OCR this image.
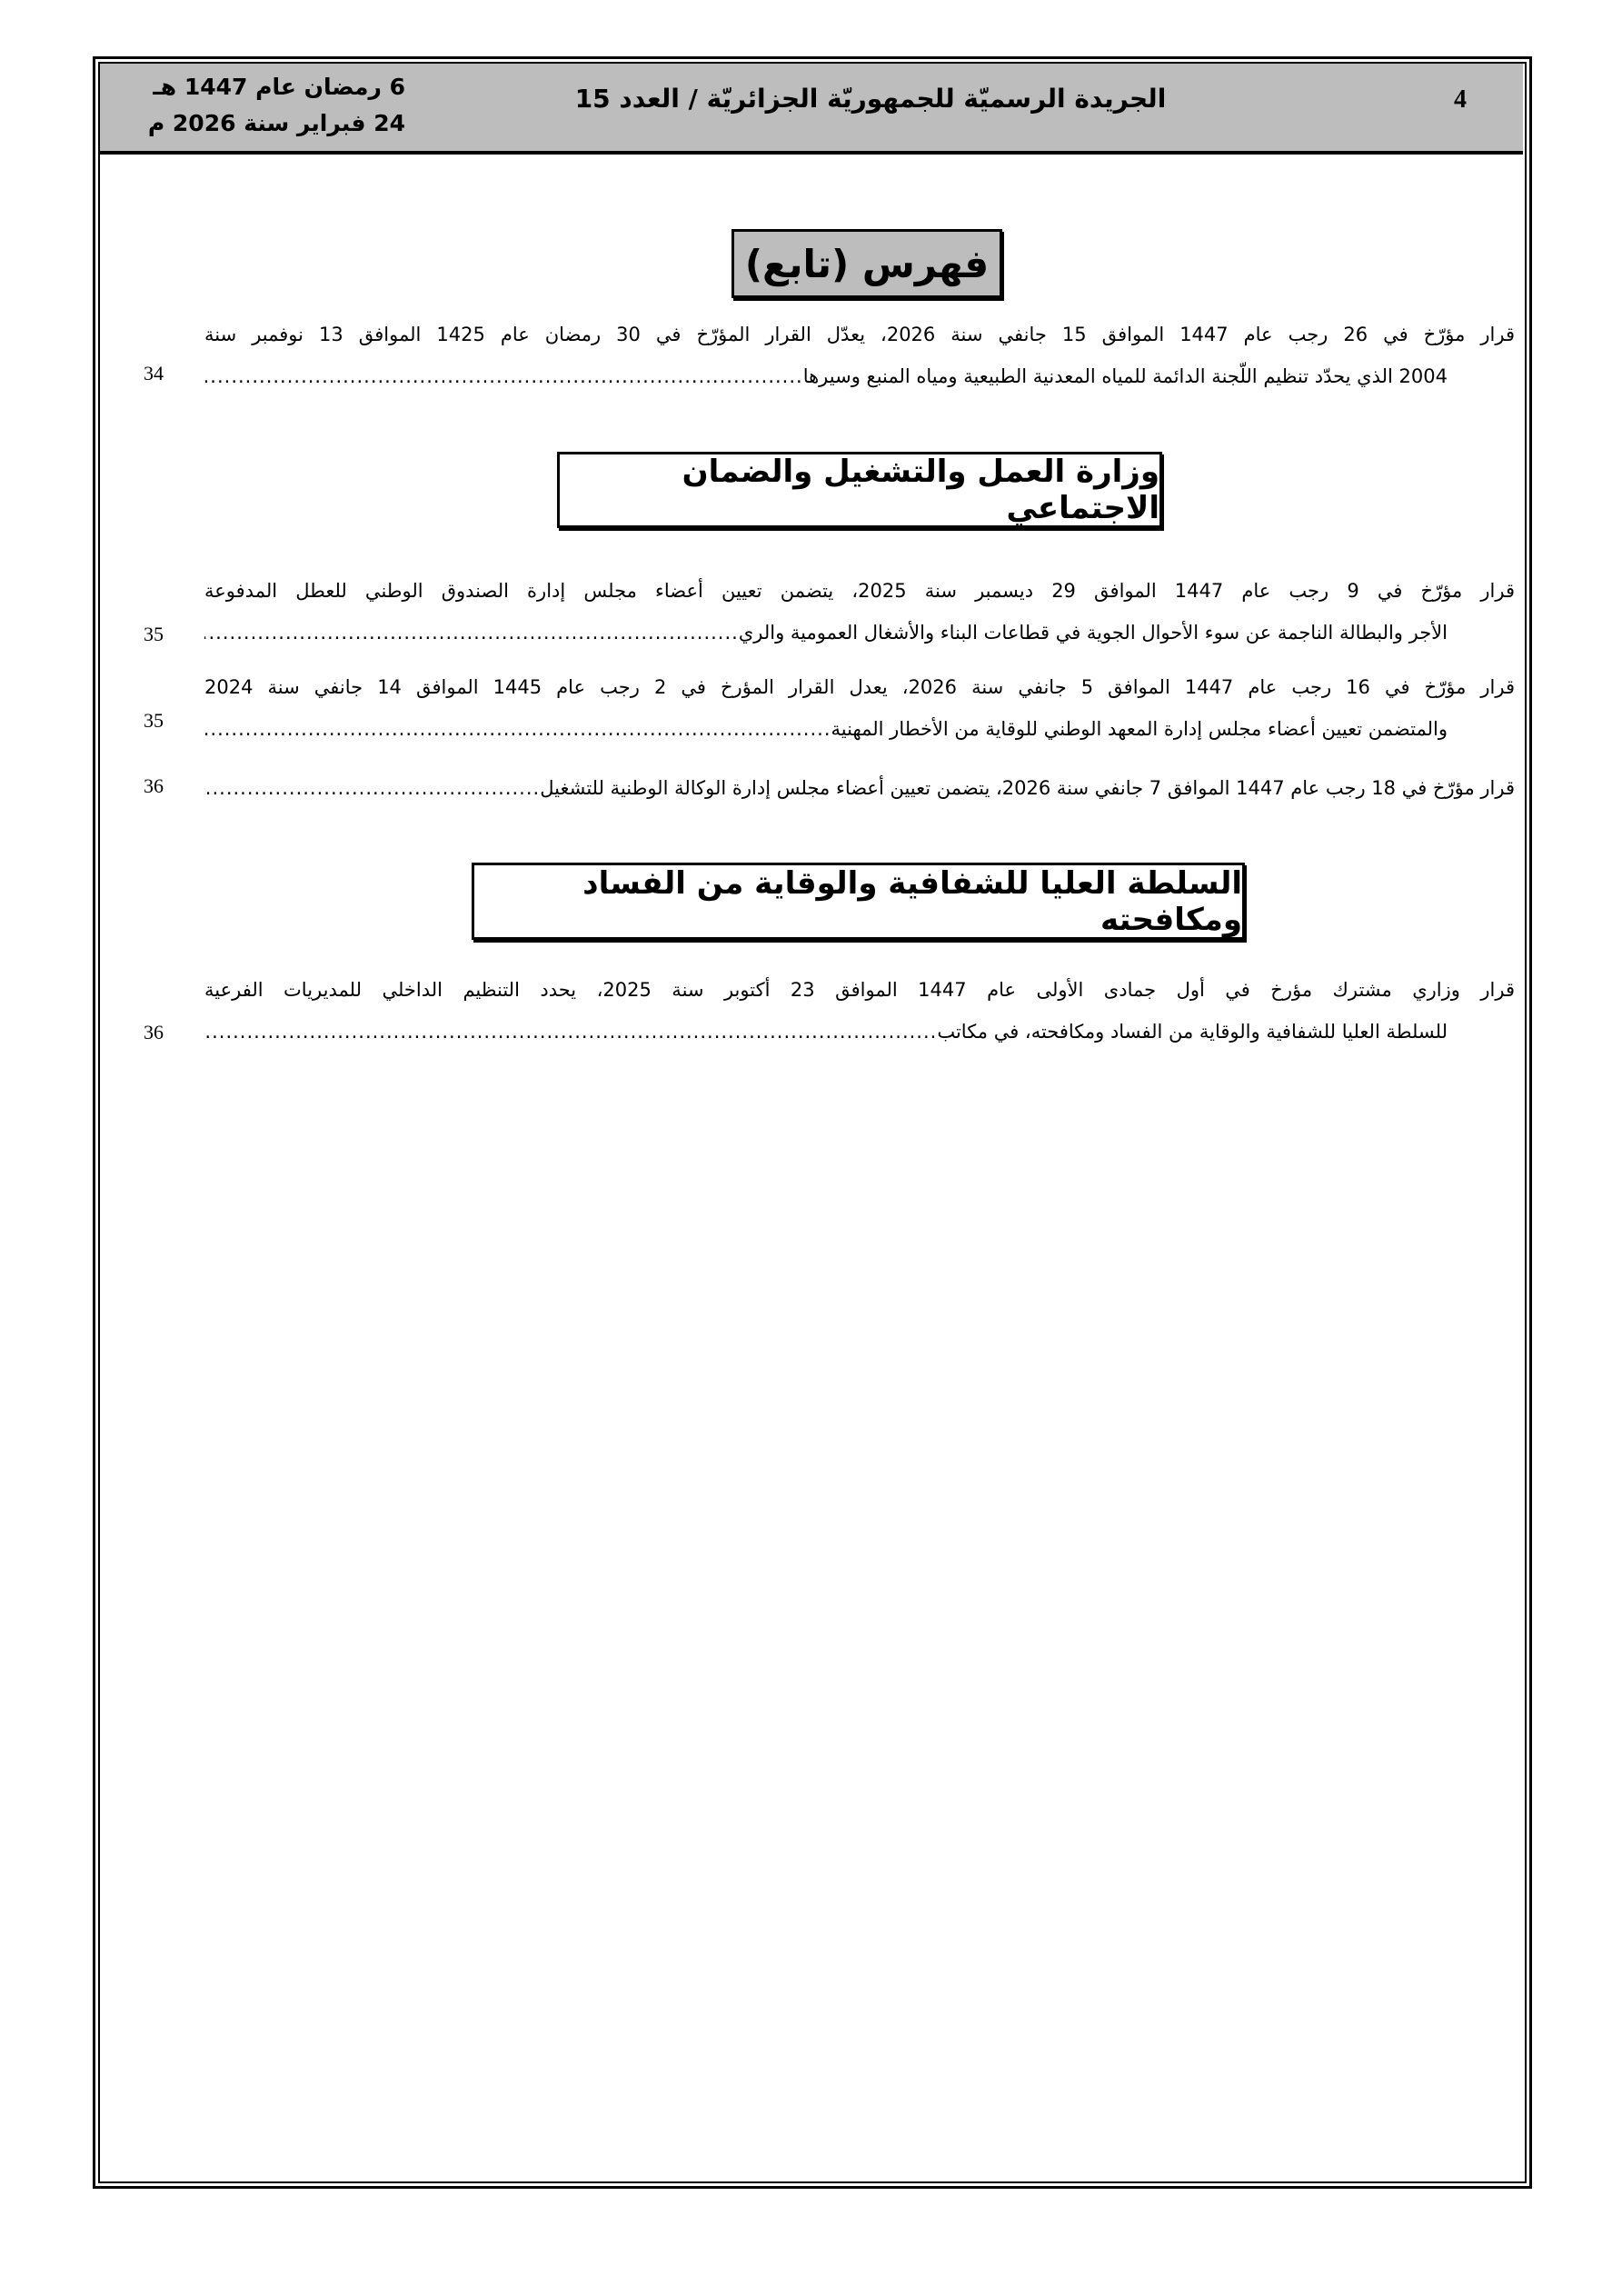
4
الجريدة الرسميّة للجمهوريّة الجزائريّة / العدد 15
6 رمضان عام 1447 هـ
24 فبراير سنة 2026 م
فهرس (تابع)
قرار مؤرّخ في 26 رجب عام 1447 الموافق 15 جانفي سنة 2026، يعدّل القرار المؤرّخ في 30 رمضان عام 1425 الموافق 13 نوفمبر سنة
2004 الذي يحدّد تنظيم اللّجنة الدائمة للمياه المعدنية الطبيعية ومياه المنبع وسيرها
.....
34
وزارة العمل والتشغيل والضمان الاجتماعي
قرار مؤرّخ في 9 رجب عام 1447 الموافق 29 ديسمبر سنة 2025، يتضمن تعيين أعضاء مجلس إدارة الصندوق الوطني للعطل المدفوعة
الأجر والبطالة الناجمة عن سوء الأحوال الجوية في قطاعات البناء والأشغال العمومية والري
.....
35
قرار مؤرّخ في 16 رجب عام 1447 الموافق 5 جانفي سنة 2026، يعدل القرار المؤرخ في 2 رجب عام 1445 الموافق 14 جانفي سنة 2024
والمتضمن تعيين أعضاء مجلس إدارة المعهد الوطني للوقاية من الأخطار المهنية
.....
35
قرار مؤرّخ في 18 رجب عام 1447 الموافق 7 جانفي سنة 2026، يتضمن تعيين أعضاء مجلس إدارة الوكالة الوطنية للتشغيل
.....
36
السلطة العليا للشفافية والوقاية من الفساد ومكافحته
قرار وزاري مشترك مؤرخ في أول جمادى الأولى عام 1447 الموافق 23 أكتوبر سنة 2025، يحدد التنظيم الداخلي للمديريات الفرعية
للسلطة العليا للشفافية والوقاية من الفساد ومكافحته، في مكاتب
.....
36
